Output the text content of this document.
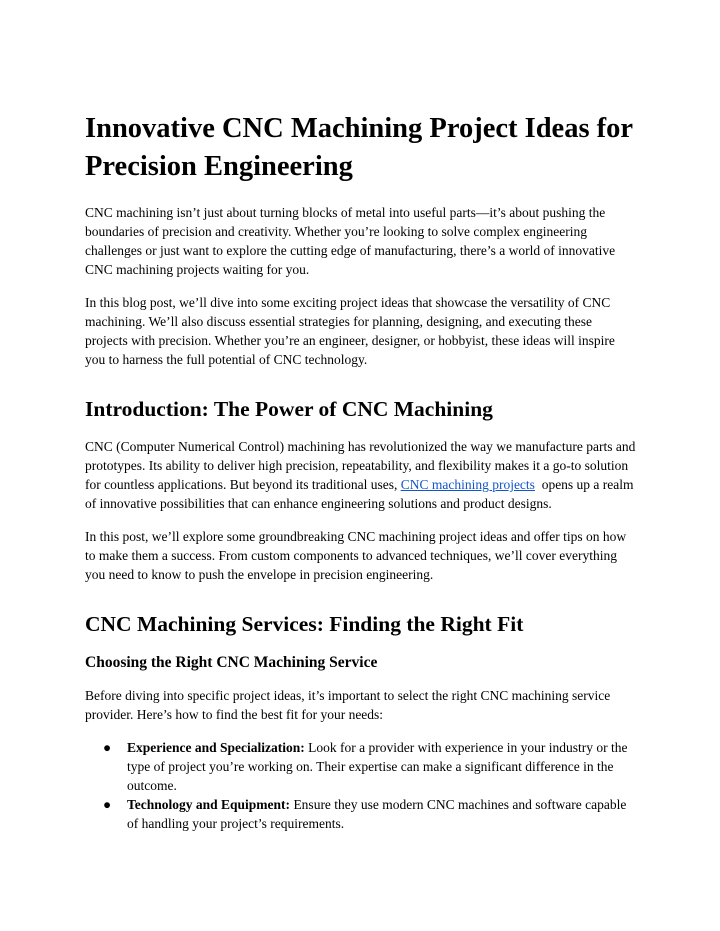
Innovative CNC Machining Project Ideas for Precision Engineering

CNC machining isn’t just about turning blocks of metal into useful parts—it’s about pushing the boundaries of precision and creativity. Whether you’re looking to solve complex engineering challenges or just want to explore the cutting edge of manufacturing, there’s a world of innovative CNC machining projects waiting for you.

In this blog post, we’ll dive into some exciting project ideas that showcase the versatility of CNC machining. We’ll also discuss essential strategies for planning, designing, and executing these projects with precision. Whether you’re an engineer, designer, or hobbyist, these ideas will inspire you to harness the full potential of CNC technology.

Introduction: The Power of CNC Machining

CNC (Computer Numerical Control) machining has revolutionized the way we manufacture parts and prototypes. Its ability to deliver high precision, repeatability, and flexibility makes it a go-to solution for countless applications. But beyond its traditional uses, CNC machining projects  opens up a realm of innovative possibilities that can enhance engineering solutions and product designs.

In this post, we’ll explore some groundbreaking CNC machining project ideas and offer tips on how to make them a success. From custom components to advanced techniques, we’ll cover everything you need to know to push the envelope in precision engineering.

CNC Machining Services: Finding the Right Fit
Choosing the Right CNC Machining Service

Before diving into specific project ideas, it’s important to select the right CNC machining service provider. Here’s how to find the best fit for your needs:

● Experience and Specialization: Look for a provider with experience in your industry or the type of project you’re working on. Their expertise can make a significant difference in the outcome.
● Technology and Equipment: Ensure they use modern CNC machines and software capable of handling your project’s requirements.
